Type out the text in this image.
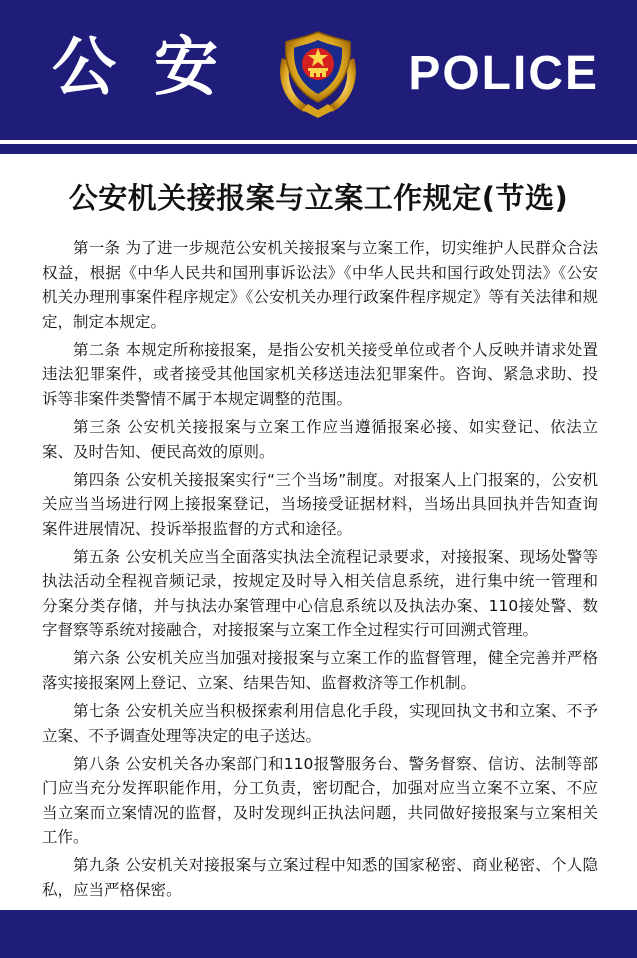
公安	POLICE
公安机关接报案与立案工作规定(节选)

第一条 为了进一步规范公安机关接报案与立案工作，切实维护人民群众合法权益，根据《中华人民共和国刑事诉讼法》《中华人民共和国行政处罚法》《公安机关办理刑事案件程序规定》《公安机关办理行政案件程序规定》等有关法律和规定，制定本规定。

第二条 本规定所称接报案，是指公安机关接受单位或者个人反映并请求处置违法犯罪案件，或者接受其他国家机关移送违法犯罪案件。咨询、紧急求助、投诉等非案件类警情不属于本规定调整的范围。

第三条 公安机关接报案与立案工作应当遵循报案必接、如实登记、依法立案、及时告知、便民高效的原则。

第四条 公安机关接报案实行“三个当场”制度。对报案人上门报案的，公安机关应当当场进行网上接报案登记，当场接受证据材料，当场出具回执并告知查询案件进展情况、投诉举报监督的方式和途径。

第五条 公安机关应当全面落实执法全流程记录要求，对接报案、现场处警等执法活动全程视音频记录，按规定及时导入相关信息系统，进行集中统一管理和分案分类存储，并与执法办案管理中心信息系统以及执法办案、110接处警、数字督察等系统对接融合，对接报案与立案工作全过程实行可回溯式管理。

第六条 公安机关应当加强对接报案与立案工作的监督管理，健全完善并严格落实接报案网上登记、立案、结果告知、监督救济等工作机制。

第七条 公安机关应当积极探索利用信息化手段，实现回执文书和立案、不予立案、不予调查处理等决定的电子送达。

第八条 公安机关各办案部门和110报警服务台、警务督察、信访、法制等部门应当充分发挥职能作用，分工负责，密切配合，加强对应当立案不立案、不应当立案而立案情况的监督，及时发现纠正执法问题，共同做好接报案与立案相关工作。

第九条 公安机关对接报案与立案过程中知悉的国家秘密、商业秘密、个人隐私，应当严格保密。
